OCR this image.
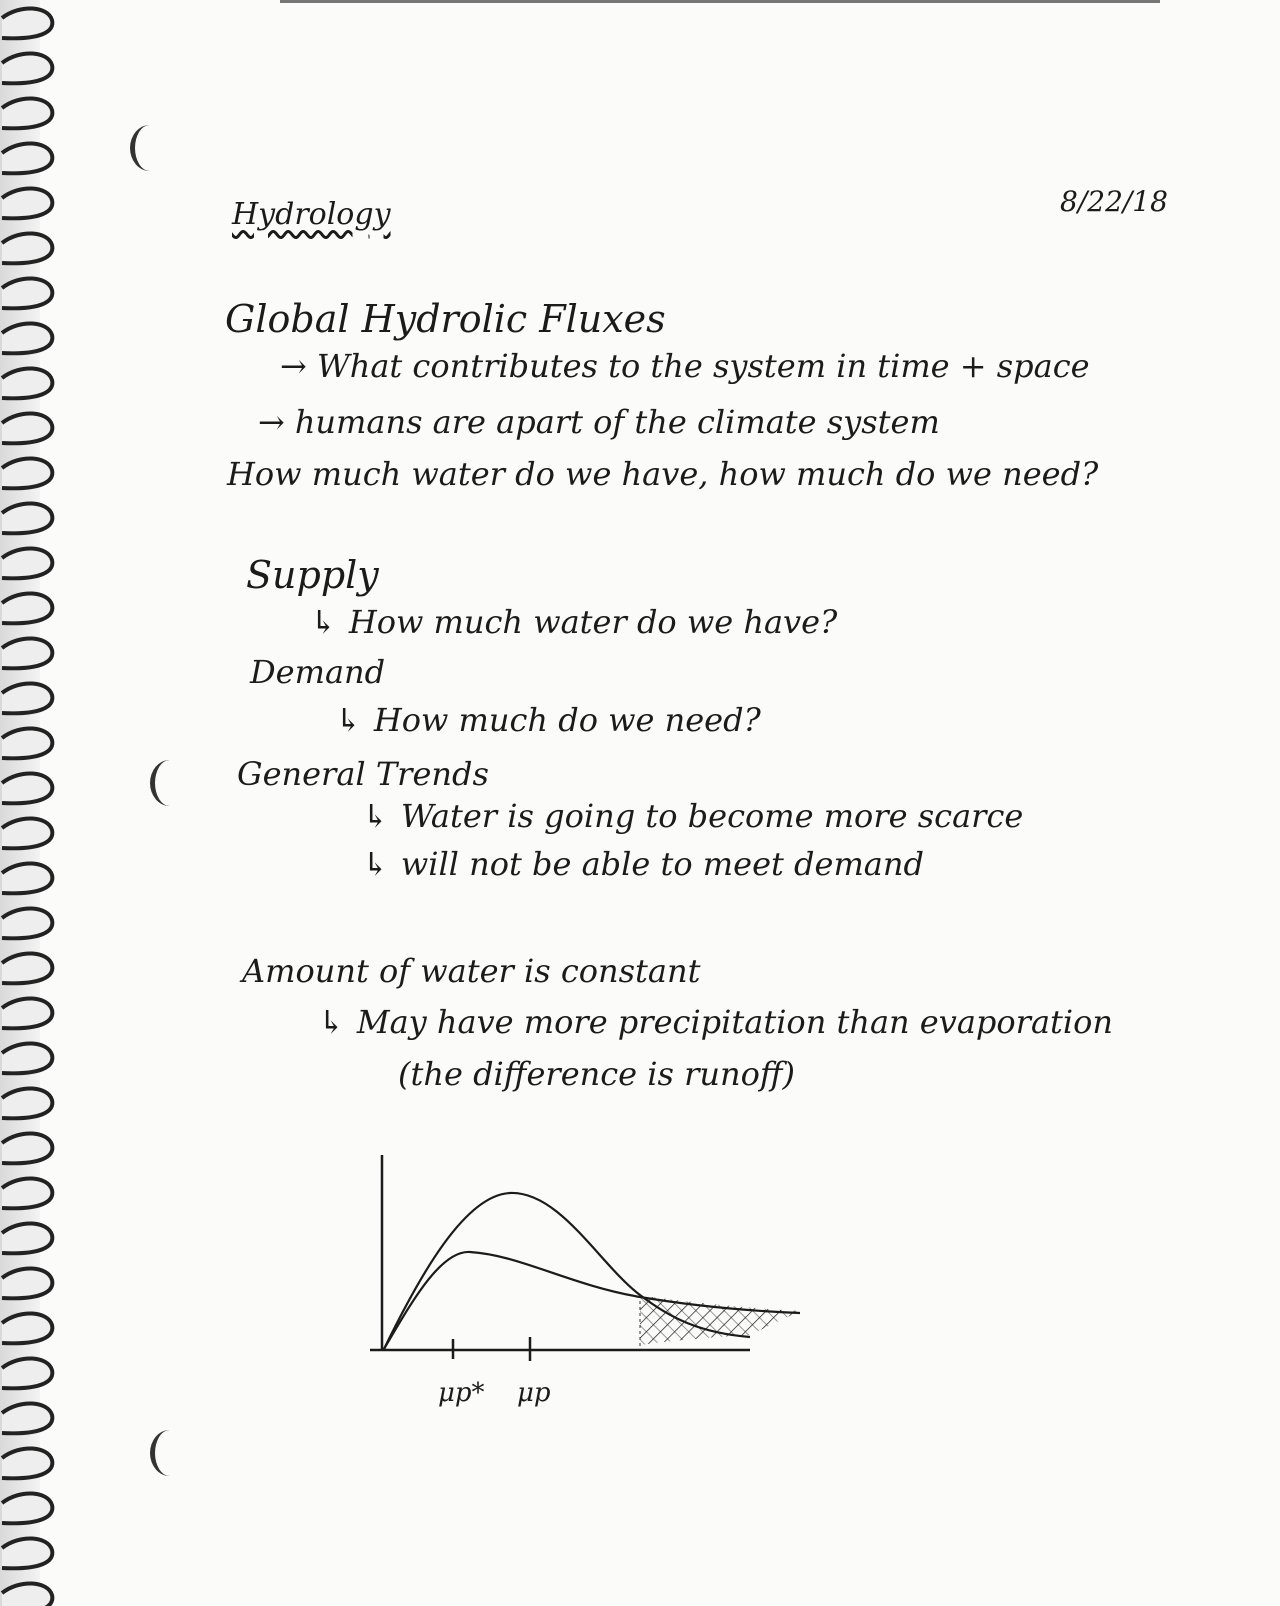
Hydrology	8/22/18
Global Hydrolic Fluxes
→ What contributes to the system in time + space
→ humans are apart of the climate system
How much water do we have, how much do we need?
Supply
↳ How much water do we have?
Demand
↳ How much do we need?
General Trends
↳ Water is going to become more scarce
↳ will not be able to meet demand
Amount of water is constant
↳ May have more precipitation than evaporation
(the difference is runoff)
μp* μp
